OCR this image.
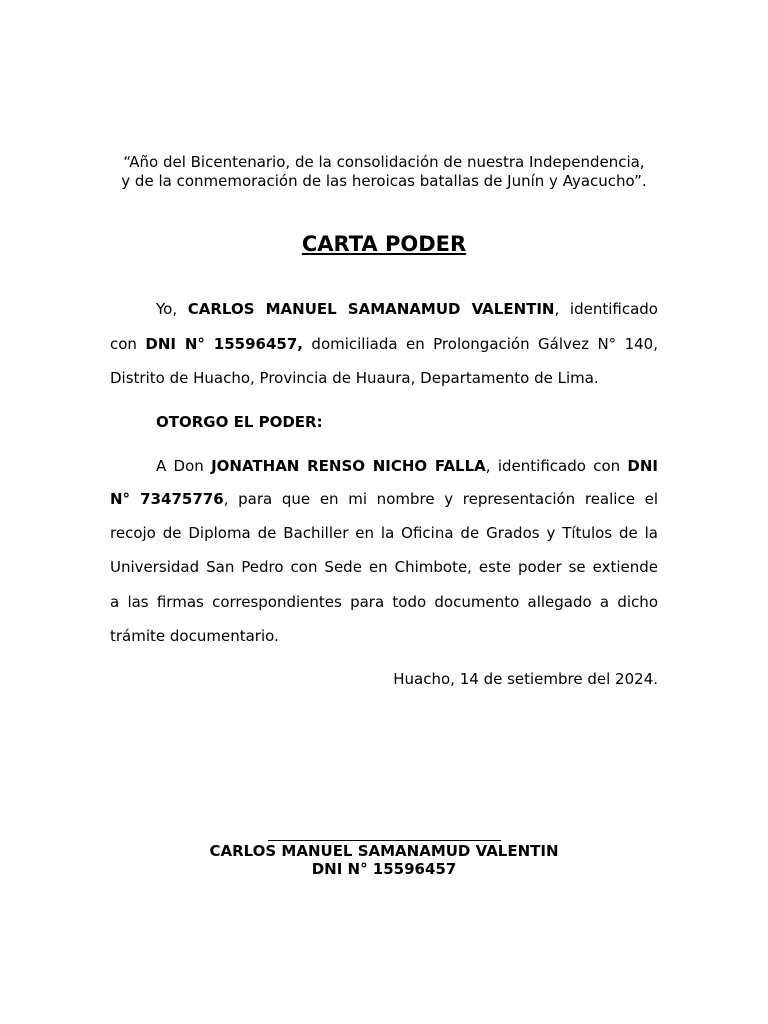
“Año del Bicentenario, de la consolidación de nuestra Independencia,
y de la conmemoración de las heroicas batallas de Junín y Ayacucho”.
CARTA PODER
Yo, CARLOS MANUEL SAMANAMUD VALENTIN, identificado
con DNI N° 15596457, domiciliada en Prolongación Gálvez N° 140,
Distrito de Huacho, Provincia de Huaura, Departamento de Lima.
OTORGO EL PODER:
A Don JONATHAN RENSO NICHO FALLA, identificado con DNI
N° 73475776, para que en mi nombre y representación realice el
recojo de Diploma de Bachiller en la Oficina de Grados y Títulos de la
Universidad San Pedro con Sede en Chimbote, este poder se extiende
a las firmas correspondientes para todo documento allegado a dicho
trámite documentario.
Huacho, 14 de setiembre del 2024.
CARLOS MANUEL SAMANAMUD VALENTIN
DNI N° 15596457
